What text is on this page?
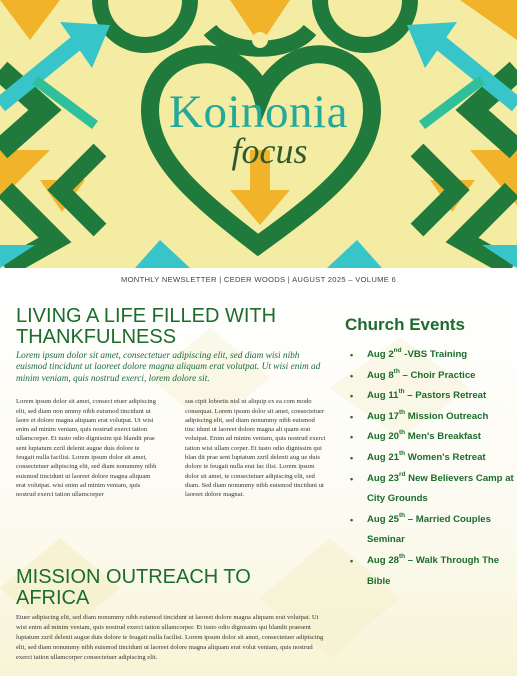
Koinonia
focus
MONTHLY NEWSLETTER | CEDER WOODS | AUGUST 2025 – VOLUME 6
LIVING A LIFE FILLED WITH THANKFULNESS

Lorem ipsum dolor sit amet, consectetuer adipiscing elit, sed diam wisi nibh euismod tincidunt ut laoreet dolore magna aliquam erat volutpat. Ut wisi enim ad minim veniam, quis nostrud exerci, lorem dolore sit.

Lorem ipsum dolor sit amet, consect etuer adipiscing elit, sed diam non ummy nibh euismod tincidunt ut laore et dolore magna aliquam erat volutpat. Ut wisi enim ad minim veniam, quis nostrud exerci tation ullamcorper. Et iusto odio dignissim qui blandit prae sent luptatum zzril delenit augue duis dolore te feugait nulla facilisi. Lorem ipsum dolor sit amet, consectetuer adipiscing elit, sed diam nonummy nibh euismod tincidunt ut laoreet dolore magna aliquam erat volutpat. wisi enim ad minim veniam, quis nostrud exerci tation ullamcorper

sus cipit lobortis nisl ut aliquip ex ea com modo consequat. Lorem ipsum dolor sit amet, consectetuer adipiscing elit, sed diam nonummy nibh euismod tinc idunt ut laoreet dolore magna ali quam erat volutpat. Enim ad minim veniam, quis nostrud exerci tation wisi ullam corper. Et iusto odio dignissim qui blan dit prae sent luptatum zzril delenit aug ue duis dolore te feugait nulla erat fac ilisi. Lorem ipsum dolor sit amet, te consectetuer adipiscing elit, sed diam. Sed diam nonummy nibh euismod tincidunt ut laoreet dolore magnat.

MISSION OUTREACH TO AFRICA

Etuer adipiscing elit, sed diam nonummy nibh euismod tincidunt ut laoreet dolore magna aliquam erat volutpat. Ut wisi enim ad minim veniam, quis nostrud exerci tation ullamcorper. Et iusto odio dignissim qui blandit praesent luptatum zzril delenit augue duis dolore te feugait nulla facilisi. Lorem ipsum dolor sit amet, consectetuer adipiscing elit, sed diam nonummy nibh euismod tincidunt ut laoreet dolore magna aliquam erat volut veniam, quis nostrud exerci tation ullamcorper consectetuer adipiscing elit.

Church Events
• Aug 2nd -VBS Training
• Aug 8th – Choir Practice
• Aug 11th – Pastors Retreat
• Aug 17th Mission Outreach
• Aug 20th Men's Breakfast
• Aug 21th Women's Retreat
• Aug 23rd New Believers Camp at City Grounds
• Aug 25th – Married Couples Seminar
• Aug 28th – Walk Through The Bible
